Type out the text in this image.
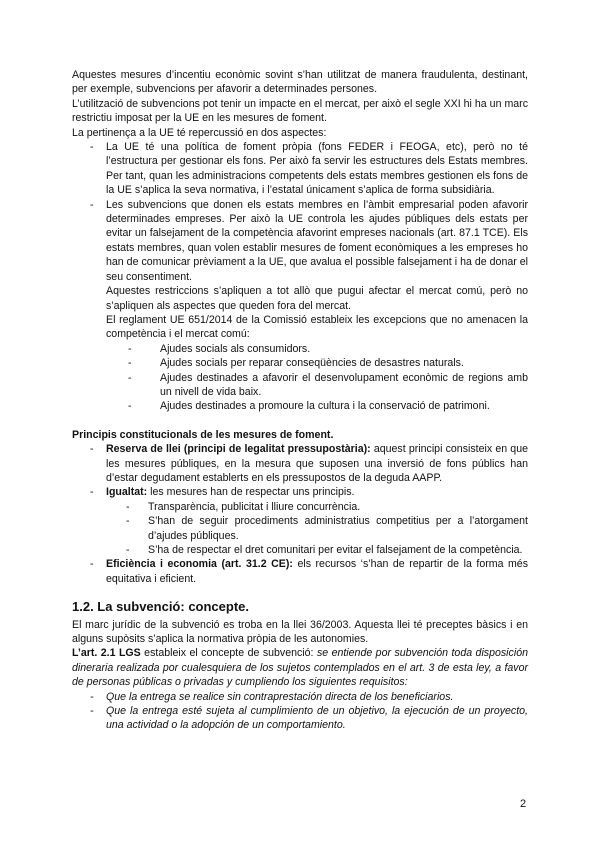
Aquestes mesures d’incentiu econòmic sovint s’han utilitzat de manera fraudulenta, destinant, per exemple, subvencions per afavorir a determinades persones.

L’utilització de subvencions pot tenir un impacte en el mercat, per això el segle XXI hi ha un marc restrictiu imposat per la UE en les mesures de foment.

La pertinença a la UE té repercussió en dos aspectes:

-	La UE té una política de foment pròpia (fons FEDER i FEOGA, etc), però no té l’estructura per gestionar els fons. Per això fa servir les estructures dels Estats membres. Per tant, quan les administracions competents dels estats membres gestionen els fons de la UE s’aplica la seva normativa, i l’estatal únicament s’aplica de forma subsidiària.
-	Les subvencions que donen els estats membres en l’àmbit empresarial poden afavorir determinades empreses. Per això la UE controla les ajudes públiques dels estats per evitar un falsejament de la competència afavorint empreses nacionals (art. 87.1 TCE). Els estats membres, quan volen establir mesures de foment econòmiques a les empreses ho han de comunicar prèviament a la UE, que avalua el possible falsejament i ha de donar el seu consentiment.

Aquestes restriccions s’apliquen a tot allò que pugui afectar el mercat comú, però no s’apliquen als aspectes que queden fora del mercat.

El reglament UE 651/2014 de la Comissió estableix les excepcions que no amenacen la competència i el mercat comú:

-	Ajudes socials als consumidors.
-	Ajudes socials per reparar conseqüències de desastres naturals.
-	Ajudes destinades a afavorir el desenvolupament econòmic de regions amb un nivell de vida baix.
-	Ajudes destinades a promoure la cultura i la conservació de patrimoni.

Principis constitucionals de les mesures de foment.

-	Reserva de llei (principi de legalitat pressupostària): aquest principi consisteix en que les mesures públiques, en la mesura que suposen una inversió de fons públics han d’estar degudament establerts en els pressupostos de la deguda AAPP.
-	Igualtat: les mesures han de respectar uns principis.
-	Transparència, publicitat i lliure concurrència.
-	S’han de seguir procediments administratius competitius per a l’atorgament d’ajudes públiques.
-	S’ha de respectar el dret comunitari per evitar el falsejament de la competència.
-	Eficiència i economia (art. 31.2 CE): els recursos ‘s’han de repartir de la forma més equitativa i eficient.
1.2. La subvenció: concepte.

El marc jurídic de la subvenció es troba en la llei 36/2003. Aquesta llei té preceptes bàsics i en alguns supòsits s’aplica la normativa pròpia de les autonomies.

L’art. 2.1 LGS estableix el concepte de subvenció: se entiende por subvención toda disposición dineraria realizada por cualesquiera de los sujetos contemplados en el art. 3 de esta ley, a favor de personas públicas o privadas y cumpliendo los siguientes requisitos:

-	Que la entrega se realice sin contraprestación directa de los beneficiarios.
-	Que la entrega esté sujeta al cumplimiento de un objetivo, la ejecución de un proyecto, una actividad o la adopción de un comportamiento.
2
